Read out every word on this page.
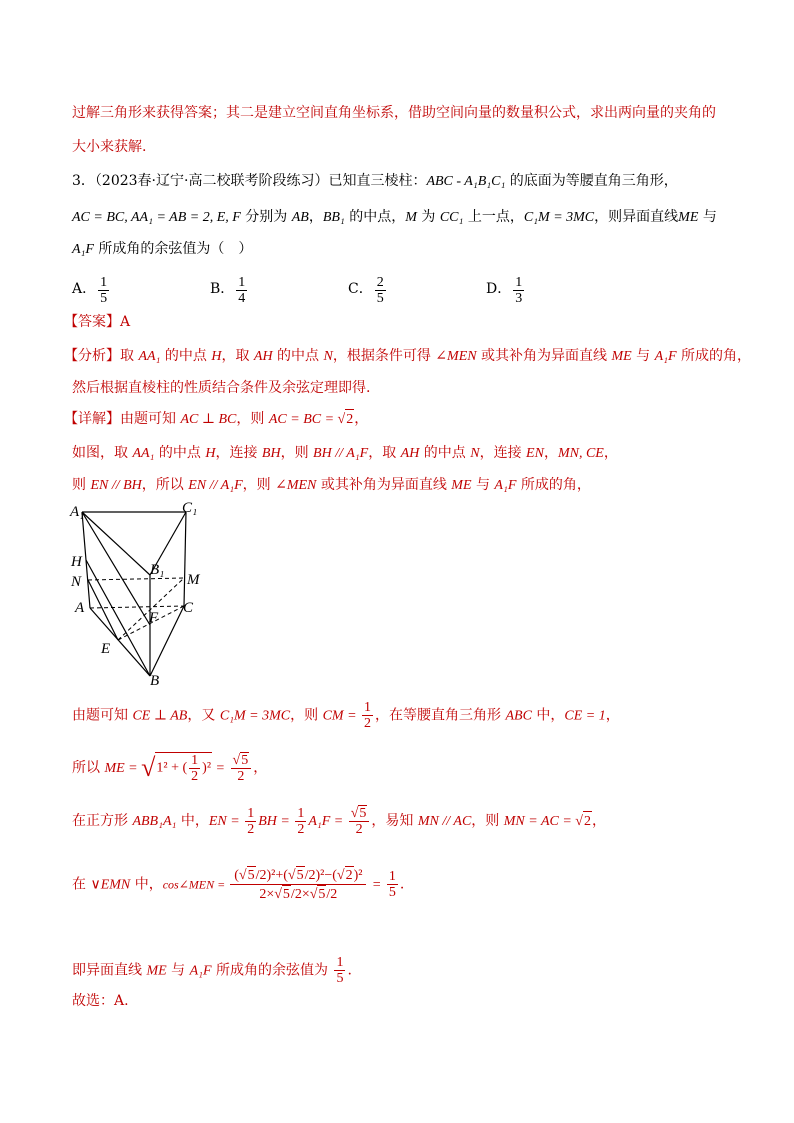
过解三角形来获得答案；其二是建立空间直角坐标系，借助空间向量的数量积公式，求出两向量的夹角的
大小来获解.
3．（2023春·辽宁·高二校联考阶段练习）已知直三棱柱：ABC - A₁B₁C₁ 的底面为等腰直角三角形，
AC = BC, AA₁ = AB = 2, E, F 分别为 AB，BB₁ 的中点，M 为 CC₁ 上一点，C₁M = 3MC，则异面直线ME 与
A₁F 所成角的余弦值为（　）
A． $\frac{1}{5}$	B． $\frac{1}{4}$	C． $\frac{2}{5}$	D． $\frac{1}{3}$
【答案】A
【分析】取 AA₁ 的中点 H，取 AH 的中点 N，根据条件可得 ∠MEN 或其补角为异面直线 ME 与 A₁F 所成的角，
然后根据直棱柱的性质结合条件及余弦定理即得.
【详解】由题可知 AC ⊥ BC，则 AC = BC = √2，
如图，取 AA₁ 的中点 H，连接 BH，则 BH // A₁F，取 AH 的中点 N，连接 EN，MN, CE，
则 EN // BH，所以 EN // A₁F，则 ∠MEN 或其补角为异面直线 ME 与 A₁F 所成的角，
A₁	C₁
H
N
B₁
M
A
F
C
E
B
由题可知 CE ⊥ AB，又 C₁M = 3MC，则 CM = $\frac{1}{2}$ ，在等腰直角三角形 ABC 中，CE = 1，
所以 ME = √1² + ( $\frac{1}{2} )^2 = \frac{√5}{2}$ ，
在正方形 ABB₁A₁ 中，EN = $\frac{1}{2}$ BH = $\frac{1}{2} A_1F = \frac{√5}{2}$ ，易知 MN // AC，则 MN = AC = √2，
在 ∨EMN 中，cos∠MEN = $\frac{\text{(√5/2)²+(√5/2)²−(√2)²}}{2\times√5/2\times√5/2} = \frac{1}{5}$ .
即异面直线 ME 与 A₁F 所成角的余弦值为 $\frac{1}{5}$ .
故选：A.
